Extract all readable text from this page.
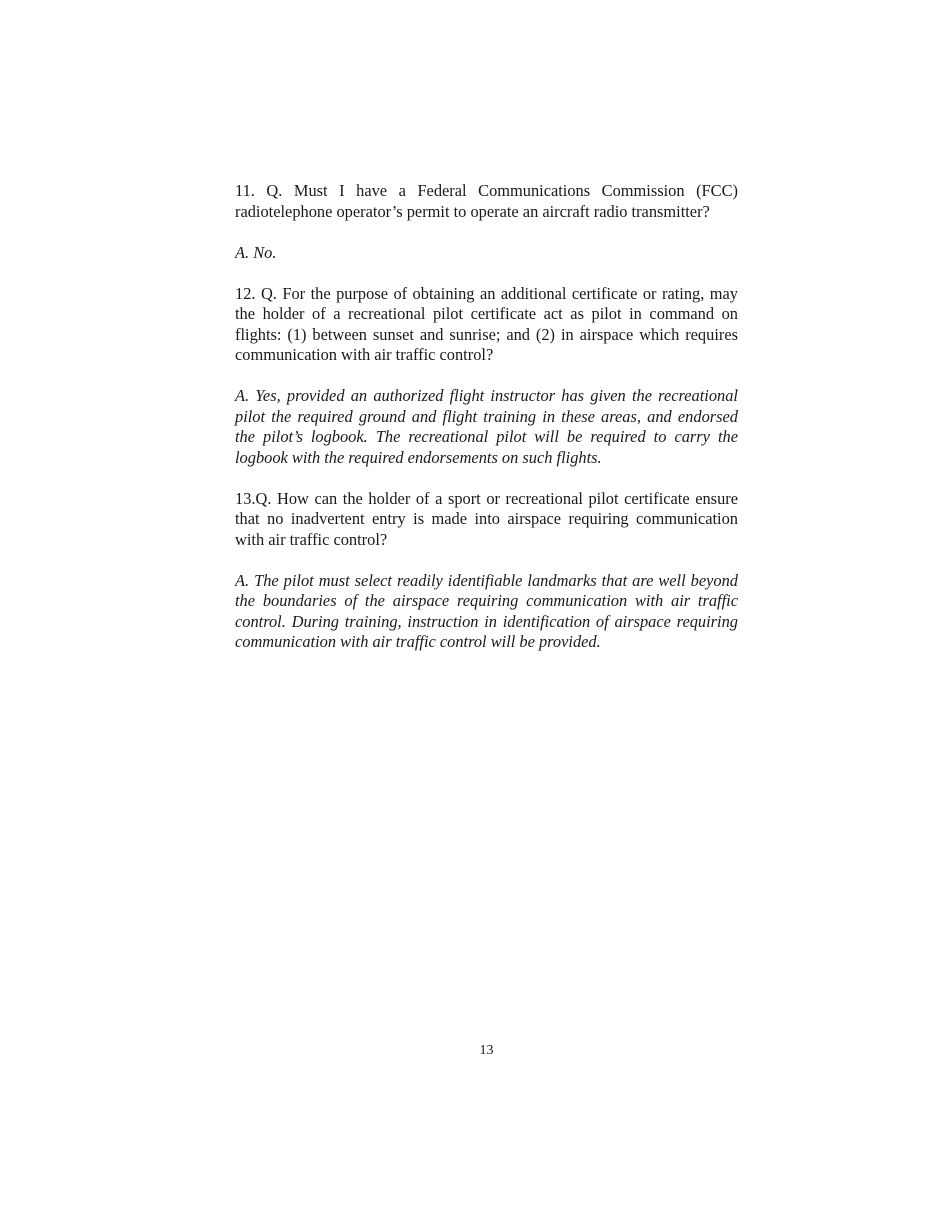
11. Q. Must I have a Federal Communications Commission (FCC) radiotelephone operator’s permit to operate an aircraft radio transmitter?

A. No.

12. Q. For the purpose of obtaining an additional certificate or rating, may the holder of a recreational pilot certificate act as pilot in command on flights: (1) between sunset and sunrise; and (2) in airspace which requires communication with air traffic control?

A. Yes, provided an authorized flight instructor has given the recreational pilot the required ground and flight training in these areas, and endorsed the pilot’s logbook. The recreational pilot will be required to carry the logbook with the required endorsements on such flights.

13.Q. How can the holder of a sport or recreational pilot certificate ensure that no inadvertent entry is made into airspace requiring communication with air traffic control?

A. The pilot must select readily identifiable landmarks that are well beyond the boundaries of the airspace requiring communication with air traffic control. During training, instruction in identification of airspace requiring communication with air traffic control will be provided.

13
